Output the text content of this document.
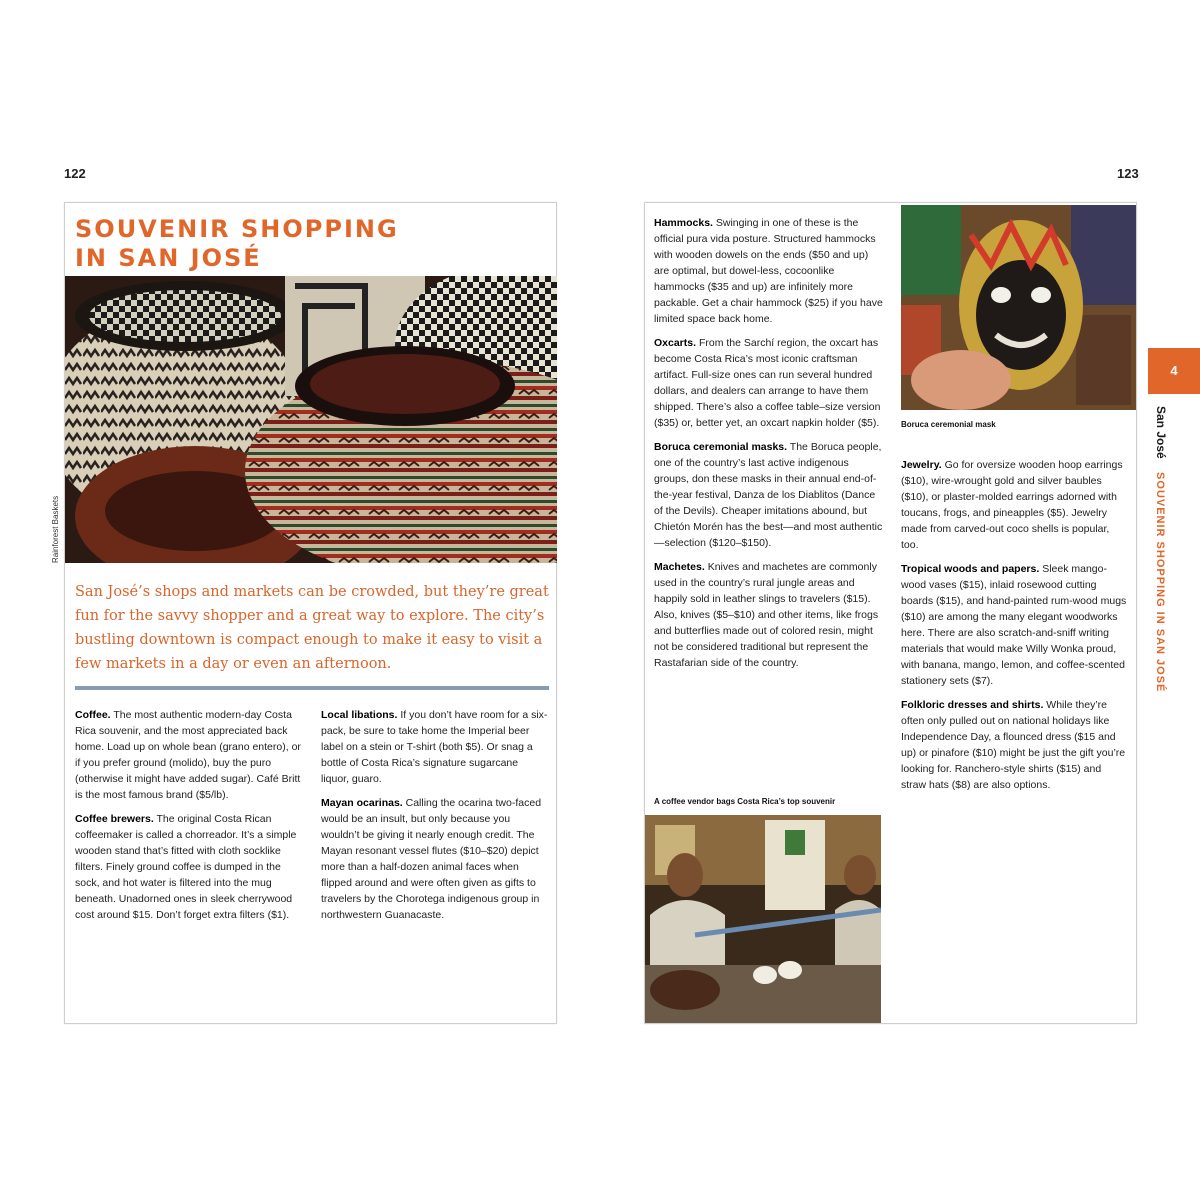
122	123
SOUVENIR SHOPPING
IN SAN JOSÉ
Rainforest Baskets
San José’s shops and markets can be crowded, but they’re great fun for the savvy shopper and a great way to explore. The city’s bustling downtown is compact enough to make it easy to visit a few markets in a day or even an afternoon.

Coffee. The most authentic modern-day Costa Rica souvenir, and the most appreciated back home. Load up on whole bean (grano entero), or if you prefer ground (molido), buy the puro (otherwise it might have added sugar). Café Britt is the most famous brand ($5/lb).

Coffee brewers. The original Costa Rican coffeemaker is called a chorreador. It’s a simple wooden stand that’s fitted with cloth socklike filters. Finely ground coffee is dumped in the sock, and hot water is filtered into the mug beneath. Unadorned ones in sleek cherrywood cost around $15. Don’t forget extra filters ($1).

Local libations. If you don’t have room for a six-pack, be sure to take home the Imperial beer label on a stein or T-shirt (both $5). Or snag a bottle of Costa Rica’s signature sugarcane liquor, guaro.

Mayan ocarinas. Calling the ocarina two-faced would be an insult, but only because you wouldn’t be giving it nearly enough credit. The Mayan resonant vessel flutes ($10–$20) depict more than a half-dozen animal faces when flipped around and were often given as gifts to travelers by the Chorotega indigenous group in northwestern Guanacaste.

Hammocks. Swinging in one of these is the official pura vida posture. Structured hammocks with wooden dowels on the ends ($50 and up) are optimal, but dowel-less, cocoonlike hammocks ($35 and up) are infinitely more packable. Get a chair hammock ($25) if you have limited space back home.

Oxcarts. From the Sarchí region, the oxcart has become Costa Rica’s most iconic craftsman artifact. Full-size ones can run several hundred dollars, and dealers can arrange to have them shipped. There’s also a coffee table–size version ($35) or, better yet, an oxcart napkin holder ($5).

Boruca ceremonial masks. The Boruca people, one of the country’s last active indigenous groups, don these masks in their annual end-of-the-year festival, Danza de los Diablitos (Dance of the Devils). Cheaper imitations abound, but Chietón Morén has the best—and most authentic—selection ($120–$150).

Machetes. Knives and machetes are commonly used in the country’s rural jungle areas and happily sold in leather slings to travelers ($15). Also, knives ($5–$10) and other items, like frogs and butterflies made out of colored resin, might not be considered traditional but represent the Rastafarian side of the country.

Boruca ceremonial mask

Jewelry. Go for oversize wooden hoop earrings ($10), wire-wrought gold and silver baubles ($10), or plaster-molded earrings adorned with toucans, frogs, and pineapples ($5). Jewelry made from carved-out coco shells is popular, too.

Tropical woods and papers. Sleek mango-wood vases ($15), inlaid rosewood cutting boards ($15), and hand-painted rum-wood mugs ($10) are among the many elegant woodworks here. There are also scratch-and-sniff writing materials that would make Willy Wonka proud, with banana, mango, lemon, and coffee-scented stationery sets ($7).

Folkloric dresses and shirts. While they’re often only pulled out on national holidays like Independence Day, a flounced dress ($15 and up) or pinafore ($10) might be just the gift you’re looking for. Ranchero-style shirts ($15) and straw hats ($8) are also options.

A coffee vendor bags Costa Rica’s top souvenir
4
San José SOUVENIR SHOPPING IN SAN JOSÉ
